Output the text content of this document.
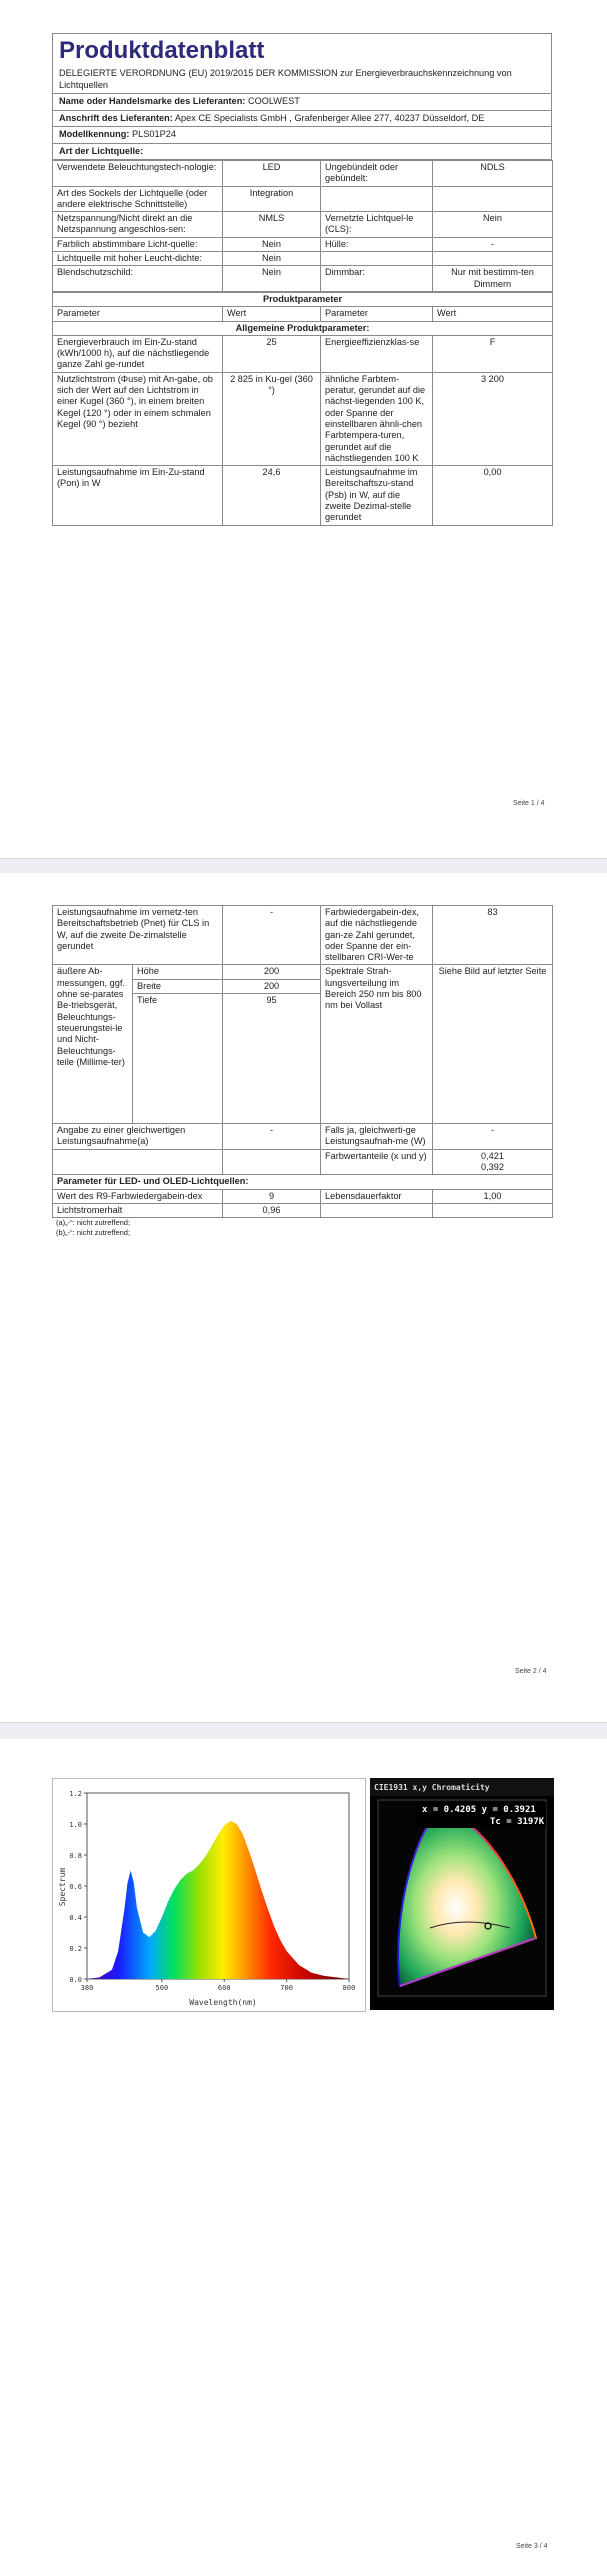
Produktdatenblatt
DELEGIERTE VERORDNUNG (EU) 2019/2015 DER KOMMISSION zur Energieverbrauchskennzeichnung von Lichtquellen
Name oder Handelsmarke des Lieferanten: COOLWEST
Anschrift des Lieferanten: Apex CE Specialists GmbH , Grafenberger Allee 277, 40237 Düsseldorf, DE
Modellkennung: PLS01P24
Art der Lichtquelle:
Verwendete Beleuchtungstech-nologie:	LED	Ungebündelt oder gebündelt:	NDLS
Art des Sockels der Lichtquelle (oder andere elektrische Schnittstelle)	Integration		
Netzspannung/Nicht direkt an die Netzspannung angeschlos-sen:	NMLS	Vernetzte Lichtquel-le (CLS):	Nein
Farblich abstimmbare Licht-quelle:	Nein	Hülle:	-
Lichtquelle mit hoher Leucht-dichte:	Nein		
Blendschutzschild:	Nein	Dimmbar:	Nur mit bestimm-ten Dimmern
Produktparameter			
Parameter	Wert	Parameter	Wert
Allgemeine Produktparameter:			
Energieverbrauch im Ein-Zu-stand (kWh/1000 h), auf die nächstliegende ganze Zahl ge-rundet	25	Energieeffizienzklas-se	F
Nutzlichtstrom (Φuse) mit An-gabe, ob sich der Wert auf den Lichtstrom in einer Kugel (360 °), in einem breiten Kegel (120 °) oder in einem schmalen Kegel (90 °) bezieht	2 825 in Ku-gel (360 °)	ähnliche Farbtem-peratur, gerundet auf die nächst-liegenden 100 K, oder Spanne der einstellbaren ähnli-chen Farbtempera-turen, gerundet auf die nächstliegenden 100 K	3 200
Leistungsaufnahme im Ein-Zu-stand (Pon) in W	24,6	Leistungsaufnahme im Bereitschaftszu-stand (Psb) in W, auf die zweite Dezimal-stelle gerundet	0,00
Seite 1 / 4
Leistungsaufnahme im vernetz-ten Bereitschaftsbetrieb (Pnet) für CLS in W, auf die zweite De-zimalstelle gerundet		-	Farbwiedergabein-dex, auf die nächstliegende gan-ze Zahl gerundet, oder Spanne der ein-stellbaren CRI-Wer-te	83
äußere Ab-messungen, ggf. ohne se-parates Be-triebsgerät, Beleuchtungs-steuerungstei-le und Nicht-Beleuchtungs-teile (Millime-ter)	Höhe	200	Spektrale Strah-lungsverteilung im Bereich 250 nm bis 800 nm bei Vollast	Siehe Bild auf letzter Seite
	Breite	200		
	Tiefe	95		
Angabe zu einer gleichwertigen Leistungsaufnahme(a)		-	Falls ja, gleichwerti-ge Leistungsaufnah-me (W)	-
			Farbwertanteile (x und y)	0,421
0,392
Parameter für LED- und OLED-Lichtquellen:				
Wert des R9-Farbwiedergabein-dex		9	Lebensdauerfaktor	1,00
Lichtstromerhalt		0,96		
(a)„-“: nicht zutreffend;
(b)„-“: nicht zutreffend;
Seite 2 / 4
Seite 3 / 4
0.0
0.2
0.4
0.6
0.8
1.0
1.2
380	500	600	700	800
Wavelength(nm)
Spectrum
CIE1931 x,y Chromaticity
x = 0.4205 y = 0.3921
Tc = 3197K
